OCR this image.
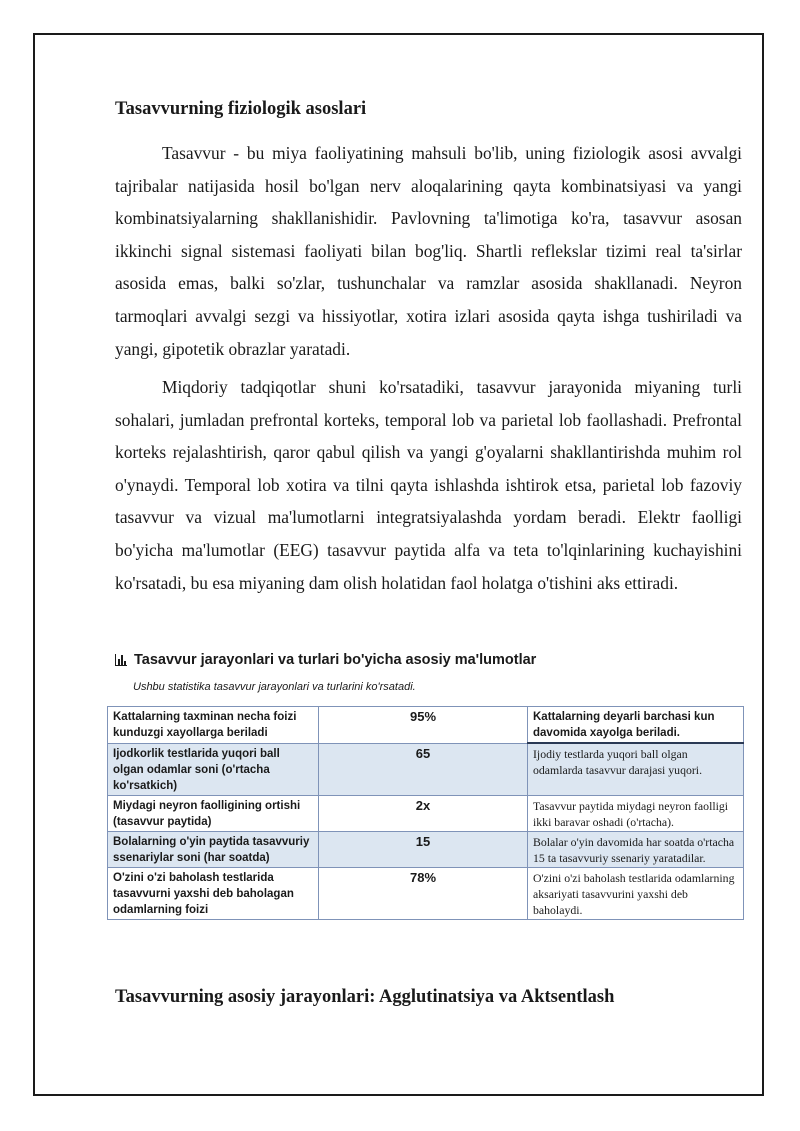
Tasavvurning fiziologik asoslari

Tasavvur - bu miya faoliyatining mahsuli bo'lib, uning fiziologik asosi avvalgi tajribalar natijasida hosil bo'lgan nerv aloqalarining qayta kombinatsiyasi va yangi kombinatsiyalarning shakllanishidir. Pavlovning ta'limotiga ko'ra, tasavvur asosan ikkinchi signal sistemasi faoliyati bilan bog'liq. Shartli reflekslar tizimi real ta'sirlar asosida emas, balki so'zlar, tushunchalar va ramzlar asosida shakllanadi. Neyron tarmoqlari avvalgi sezgi va hissiyotlar, xotira izlari asosida qayta ishga tushiriladi va yangi, gipotetik obrazlar yaratadi.

Miqdoriy tadqiqotlar shuni ko'rsatadiki, tasavvur jarayonida miyaning turli sohalari, jumladan prefrontal korteks, temporal lob va parietal lob faollashadi. Prefrontal korteks rejalashtirish, qaror qabul qilish va yangi g'oyalarni shakllantirishda muhim rol o'ynaydi. Temporal lob xotira va tilni qayta ishlashda ishtirok etsa, parietal lob fazoviy tasavvur va vizual ma'lumotlarni integratsiyalashda yordam beradi. Elektr faolligi bo'yicha ma'lumotlar (EEG) tasavvur paytida alfa va teta to'lqinlarining kuchayishini ko'rsatadi, bu esa miyaning dam olish holatidan faol holatga o'tishini aks ettiradi.

Tasavvur jarayonlari va turlari bo'yicha asosiy ma'lumotlar
Ushbu statistika tasavvur jarayonlari va turlarini ko'rsatadi.
Kattalarning taxminan necha foizi kunduzgi xayollarga beriladi	95%	Kattalarning deyarli barchasi kun davomida xayolga beriladi.
Ijodkorlik testlarida yuqori ball olgan odamlar soni (o'rtacha ko'rsatkich)	65	Ijodiy testlarda yuqori ball olgan odamlarda tasavvur darajasi yuqori.
Miydagi neyron faolligining ortishi (tasavvur paytida)	2x	Tasavvur paytida miydagi neyron faolligi ikki baravar oshadi (o'rtacha).
Bolalarning o'yin paytida tasavvuriy ssenariylar soni (har soatda)	15	Bolalar o'yin davomida har soatda o'rtacha 15 ta tasavvuriy ssenariy yaratadilar.
O'zini o'zi baholash testlarida tasavvurni yaxshi deb baholagan odamlarning foizi	78%	O'zini o'zi baholash testlarida odamlarning aksariyati tasavvurini yaxshi deb baholaydi.
Tasavvurning asosiy jarayonlari: Agglutinatsiya va Aktsentlash
